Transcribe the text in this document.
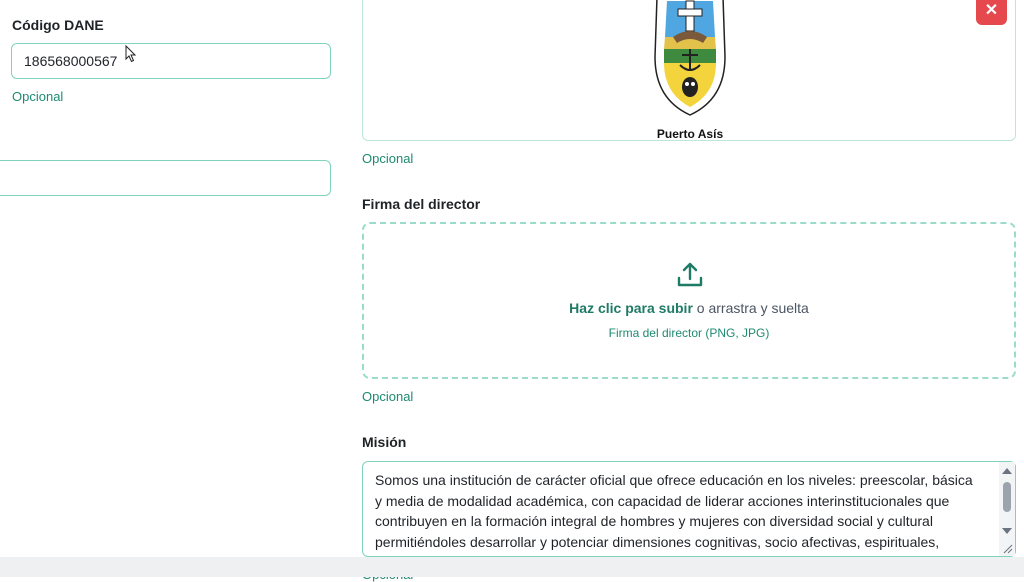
Código DANE
186568000567
Opcional
Puerto Asís
✕
Opcional
Firma del director
Haz clic para subir o arrastra y suelta
Firma del director (PNG, JPG)
Opcional
Misión
Somos una institución de carácter oficial que ofrece educación en los niveles: preescolar, básica y media de modalidad académica, con capacidad de liderar acciones interinstitucionales que contribuyen en la formación integral de hombres y mujeres con diversidad social y cultural permitiéndoles desarrollar y potenciar dimensiones cognitivas, socio afectivas, espirituales,
